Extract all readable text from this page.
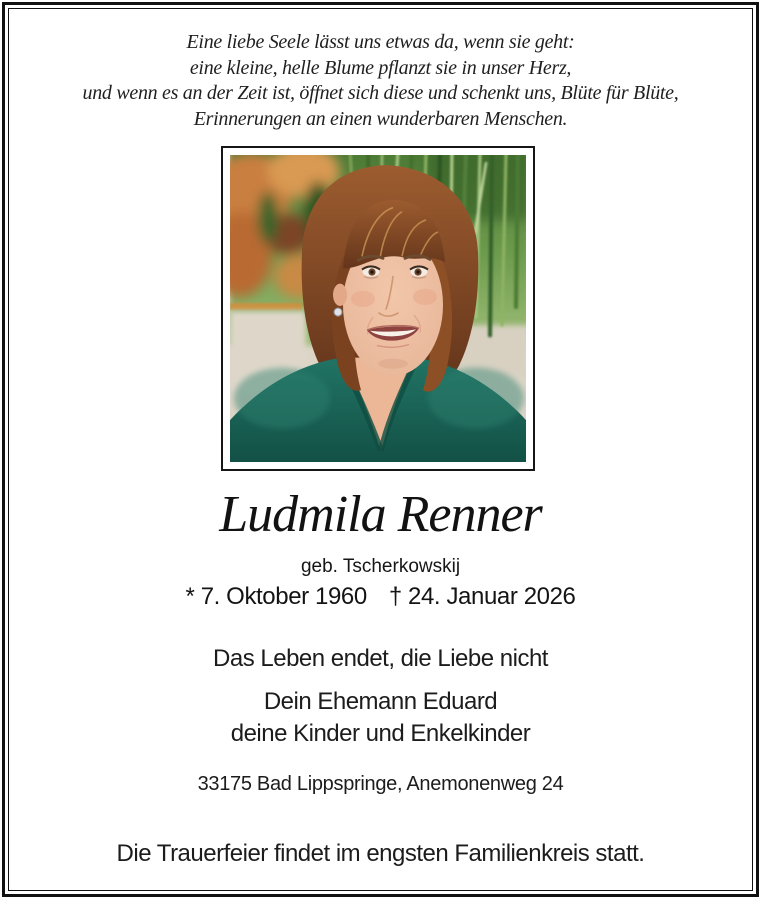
Eine liebe Seele lässt uns etwas da, wenn sie geht:
eine kleine, helle Blume pflanzt sie in unser Herz,
und wenn es an der Zeit ist, öffnet sich diese und schenkt uns, Blüte für Blüte,
Erinnerungen an einen wunderbaren Menschen.
Ludmila Renner
geb. Tscherkowskij
* 7. Oktober 1960 † 24. Januar 2026
Das Leben endet, die Liebe nicht
Dein Ehemann Eduard
deine Kinder und Enkelkinder
33175 Bad Lippspringe, Anemonenweg 24
Die Trauerfeier findet im engsten Familienkreis statt.
